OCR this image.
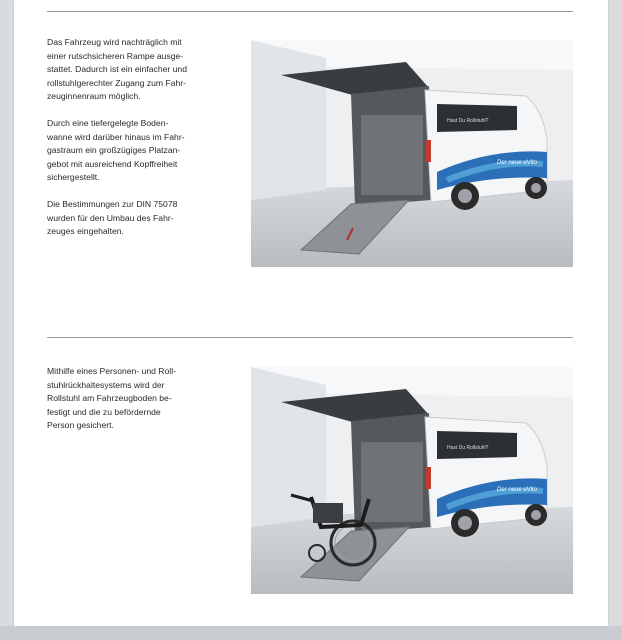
Das Fahrzeug wird nachträglich mit
einer rutschsicheren Rampe ausge-
stattet. Dadurch ist ein einfacher und
rollstuhlgerechter Zugang zum Fahr-
zeuginnenraum möglich.

Durch eine tiefergelegte Boden-
wanne wird darüber hinaus im Fahr-
gastraum ein großzügiges Platzan-
gebot mit ausreichend Kopffreiheit
sichergestellt.

Die Bestimmungen zur DIN 75078
wurden für den Umbau des Fahr-
zeuges eingehalten.

Hast Du Rollstuhl?
Der neue eVito

Mithilfe eines Personen- und Roll-
stuhlrückhaltesystems wird der
Rollstuhl am Fahrzeugboden be-
festigt und die zu befördernde
Person gesichert.

Hast Du Rollstuhl?
Der neue eVito
